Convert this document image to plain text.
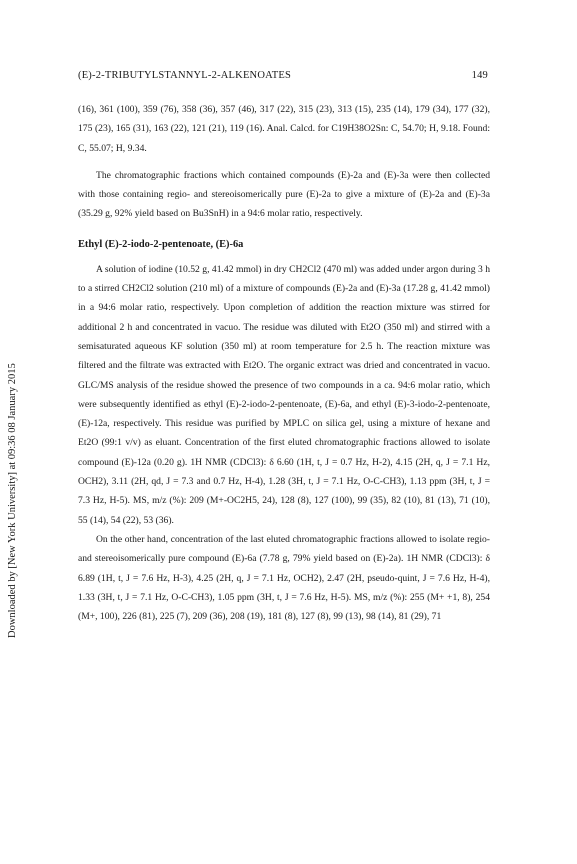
(E)-2-TRIBUTYLSTANNYL-2-ALKENOATES	149
Downloaded by [New York University] at 09:36 08 January 2015

(16), 361 (100), 359 (76), 358 (36), 357 (46), 317 (22), 315 (23), 313 (15), 235 (14), 179 (34), 177 (32), 175 (23), 165 (31), 163 (22), 121 (21), 119 (16). Anal. Calcd. for C19H38O2Sn: C, 54.70; H, 9.18. Found: C, 55.07; H, 9.34.

The chromatographic fractions which contained compounds (E)-2a and (E)-3a were then collected with those containing regio- and stereoisomerically pure (E)-2a to give a mixture of (E)-2a and (E)-3a (35.29 g, 92% yield based on Bu3SnH) in a 94:6 molar ratio, respectively.

Ethyl (E)-2-iodo-2-pentenoate, (E)-6a

A solution of iodine (10.52 g, 41.42 mmol) in dry CH2Cl2 (470 ml) was added under argon during 3 h to a stirred CH2Cl2 solution (210 ml) of a mixture of compounds (E)-2a and (E)-3a (17.28 g, 41.42 mmol) in a 94:6 molar ratio, respectively. Upon completion of addition the reaction mixture was stirred for additional 2 h and concentrated in vacuo. The residue was diluted with Et2O (350 ml) and stirred with a semisaturated aqueous KF solution (350 ml) at room temperature for 2.5 h. The reaction mixture was filtered and the filtrate was extracted with Et2O. The organic extract was dried and concentrated in vacuo. GLC/MS analysis of the residue showed the presence of two compounds in a ca. 94:6 molar ratio, which were subsequently identified as ethyl (E)-2-iodo-2-pentenoate, (E)-6a, and ethyl (E)-3-iodo-2-pentenoate, (E)-12a, respectively. This residue was purified by MPLC on silica gel, using a mixture of hexane and Et2O (99:1 v/v) as eluant. Concentration of the first eluted chromatographic fractions allowed to isolate compound (E)-12a (0.20 g). 1H NMR (CDCl3): δ 6.60 (1H, t, J = 0.7 Hz, H-2), 4.15 (2H, q, J = 7.1 Hz, OCH2), 3.11 (2H, qd, J = 7.3 and 0.7 Hz, H-4), 1.28 (3H, t, J = 7.1 Hz, O-C-CH3), 1.13 ppm (3H, t, J = 7.3 Hz, H-5). MS, m/z (%): 209 (M+-OC2H5, 24), 128 (8), 127 (100), 99 (35), 82 (10), 81 (13), 71 (10), 55 (14), 54 (22), 53 (36).

On the other hand, concentration of the last eluted chromatographic fractions allowed to isolate regio- and stereoisomerically pure compound (E)-6a (7.78 g, 79% yield based on (E)-2a). 1H NMR (CDCl3): δ 6.89 (1H, t, J = 7.6 Hz, H-3), 4.25 (2H, q, J = 7.1 Hz, OCH2), 2.47 (2H, pseudo-quint, J = 7.6 Hz, H-4), 1.33 (3H, t, J = 7.1 Hz, O-C-CH3), 1.05 ppm (3H, t, J = 7.6 Hz, H-5). MS, m/z (%): 255 (M+ +1, 8), 254 (M+, 100), 226 (81), 225 (7), 209 (36), 208 (19), 181 (8), 127 (8), 99 (13), 98 (14), 81 (29), 71
